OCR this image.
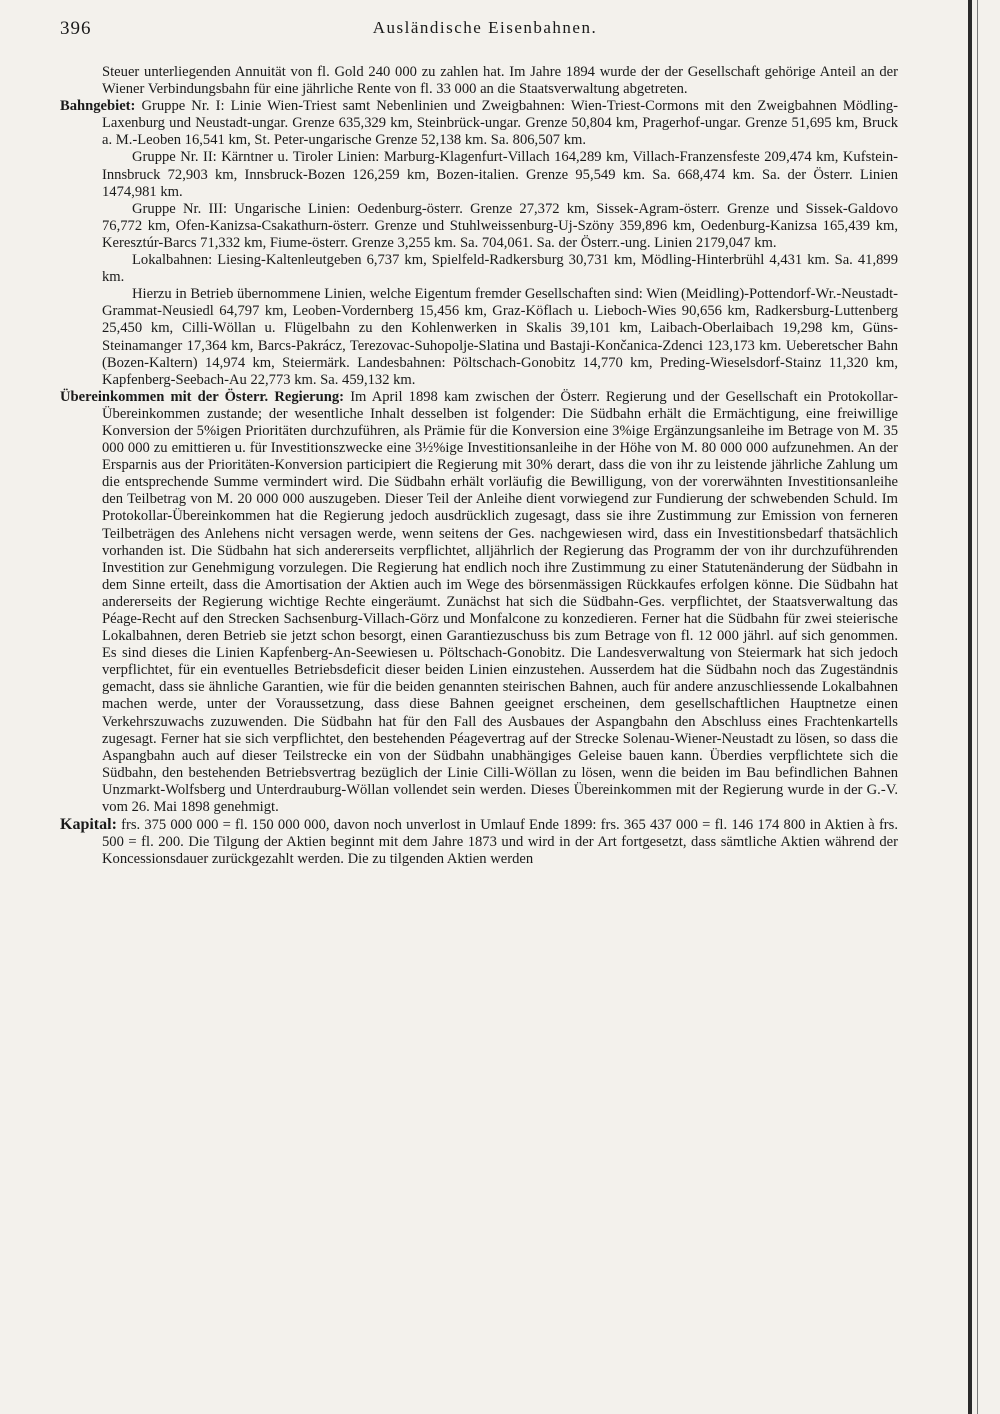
396	Ausländische Eisenbahnen.

Steuer unterliegenden Annuität von fl. Gold 240 000 zu zahlen hat. Im Jahre 1894 wurde der der Gesellschaft gehörige Anteil an der Wiener Verbindungsbahn für eine jährliche Rente von fl. 33 000 an die Staatsverwaltung abgetreten.

Bahngebiet: Gruppe Nr. I: Linie Wien-Triest samt Nebenlinien und Zweigbahnen: Wien-Triest-Cormons mit den Zweigbahnen Mödling-Laxenburg und Neustadt-ungar. Grenze 635,329 km, Steinbrück-ungar. Grenze 50,804 km, Pragerhof-ungar. Grenze 51,695 km, Bruck a. M.-Leoben 16,541 km, St. Peter-ungarische Grenze 52,138 km. Sa. 806,507 km.

Gruppe Nr. II: Kärntner u. Tiroler Linien: Marburg-Klagenfurt-Villach 164,289 km, Villach-Franzensfeste 209,474 km, Kufstein-Innsbruck 72,903 km, Innsbruck-Bozen 126,259 km, Bozen-italien. Grenze 95,549 km. Sa. 668,474 km. Sa. der Österr. Linien 1474,981 km.

Gruppe Nr. III: Ungarische Linien: Oedenburg-österr. Grenze 27,372 km, Sissek-Agram-österr. Grenze und Sissek-Galdovo 76,772 km, Ofen-Kanizsa-Csakathurn-österr. Grenze und Stuhlweissenburg-Uj-Szöny 359,896 km, Oedenburg-Kanizsa 165,439 km, Keresztúr-Barcs 71,332 km, Fiume-österr. Grenze 3,255 km. Sa. 704,061. Sa. der Österr.-ung. Linien 2179,047 km.

Lokalbahnen: Liesing-Kaltenleutgeben 6,737 km, Spielfeld-Radkersburg 30,731 km, Mödling-Hinterbrühl 4,431 km. Sa. 41,899 km.

Hierzu in Betrieb übernommene Linien, welche Eigentum fremder Gesellschaften sind: Wien (Meidling)-Pottendorf-Wr.-Neustadt-Grammat-Neusiedl 64,797 km, Leoben-Vordernberg 15,456 km, Graz-Köflach u. Lieboch-Wies 90,656 km, Radkersburg-Luttenberg 25,450 km, Cilli-Wöllan u. Flügelbahn zu den Kohlenwerken in Skalis 39,101 km, Laibach-Oberlaibach 19,298 km, Güns-Steinamanger 17,364 km, Barcs-Pakrácz, Terezovac-Suhopolje-Slatina und Bastaji-Končanica-Zdenci 123,173 km. Ueberetscher Bahn (Bozen-Kaltern) 14,974 km, Steiermärk. Landesbahnen: Pöltschach-Gonobitz 14,770 km, Preding-Wieselsdorf-Stainz 11,320 km, Kapfenberg-Seebach-Au 22,773 km. Sa. 459,132 km.

Übereinkommen mit der Österr. Regierung: Im April 1898 kam zwischen der Österr. Regierung und der Gesellschaft ein Protokollar-Übereinkommen zustande; der wesentliche Inhalt desselben ist folgender: Die Südbahn erhält die Ermächtigung, eine freiwillige Konversion der 5%igen Prioritäten durchzuführen, als Prämie für die Konversion eine 3%ige Ergänzungsanleihe im Betrage von M. 35 000 000 zu emittieren u. für Investitionszwecke eine 3½%ige Investitionsanleihe in der Höhe von M. 80 000 000 aufzunehmen. An der Ersparnis aus der Prioritäten-Konversion participiert die Regierung mit 30% derart, dass die von ihr zu leistende jährliche Zahlung um die entsprechende Summe vermindert wird. Die Südbahn erhält vorläufig die Bewilligung, von der vorerwähnten Investitionsanleihe den Teilbetrag von M. 20 000 000 auszugeben. Dieser Teil der Anleihe dient vorwiegend zur Fundierung der schwebenden Schuld. Im Protokollar-Übereinkommen hat die Regierung jedoch ausdrücklich zugesagt, dass sie ihre Zustimmung zur Emission von ferneren Teilbeträgen des Anlehens nicht versagen werde, wenn seitens der Ges. nachgewiesen wird, dass ein Investitionsbedarf thatsächlich vorhanden ist. Die Südbahn hat sich andererseits verpflichtet, alljährlich der Regierung das Programm der von ihr durchzuführenden Investition zur Genehmigung vorzulegen. Die Regierung hat endlich noch ihre Zustimmung zu einer Statutenänderung der Südbahn in dem Sinne erteilt, dass die Amortisation der Aktien auch im Wege des börsenmässigen Rückkaufes erfolgen könne. Die Südbahn hat andererseits der Regierung wichtige Rechte eingeräumt. Zunächst hat sich die Südbahn-Ges. verpflichtet, der Staatsverwaltung das Péage-Recht auf den Strecken Sachsenburg-Villach-Görz und Monfalcone zu konzedieren. Ferner hat die Südbahn für zwei steierische Lokalbahnen, deren Betrieb sie jetzt schon besorgt, einen Garantiezuschuss bis zum Betrage von fl. 12 000 jährl. auf sich genommen. Es sind dieses die Linien Kapfenberg-An-Seewiesen u. Pöltschach-Gonobitz. Die Landesverwaltung von Steiermark hat sich jedoch verpflichtet, für ein eventuelles Betriebsdeficit dieser beiden Linien einzustehen. Ausserdem hat die Südbahn noch das Zugeständnis gemacht, dass sie ähnliche Garantien, wie für die beiden genannten steirischen Bahnen, auch für andere anzuschliessende Lokalbahnen machen werde, unter der Voraussetzung, dass diese Bahnen geeignet erscheinen, dem gesellschaftlichen Hauptnetze einen Verkehrszuwachs zuzuwenden. Die Südbahn hat für den Fall des Ausbaues der Aspangbahn den Abschluss eines Frachtenkartells zugesagt. Ferner hat sie sich verpflichtet, den bestehenden Péagevertrag auf der Strecke Solenau-Wiener-Neustadt zu lösen, so dass die Aspangbahn auch auf dieser Teilstrecke ein von der Südbahn unabhängiges Geleise bauen kann. Überdies verpflichtete sich die Südbahn, den bestehenden Betriebsvertrag bezüglich der Linie Cilli-Wöllan zu lösen, wenn die beiden im Bau befindlichen Bahnen Unzmarkt-Wolfsberg und Unterdrauburg-Wöllan vollendet sein werden. Dieses Übereinkommen mit der Regierung wurde in der G.-V. vom 26. Mai 1898 genehmigt.

Kapital: frs. 375 000 000 = fl. 150 000 000, davon noch unverlost in Umlauf Ende 1899: frs. 365 437 000 = fl. 146 174 800 in Aktien à frs. 500 = fl. 200. Die Tilgung der Aktien beginnt mit dem Jahre 1873 und wird in der Art fortgesetzt, dass sämtliche Aktien während der Koncessionsdauer zurückgezahlt werden. Die zu tilgenden Aktien werden
